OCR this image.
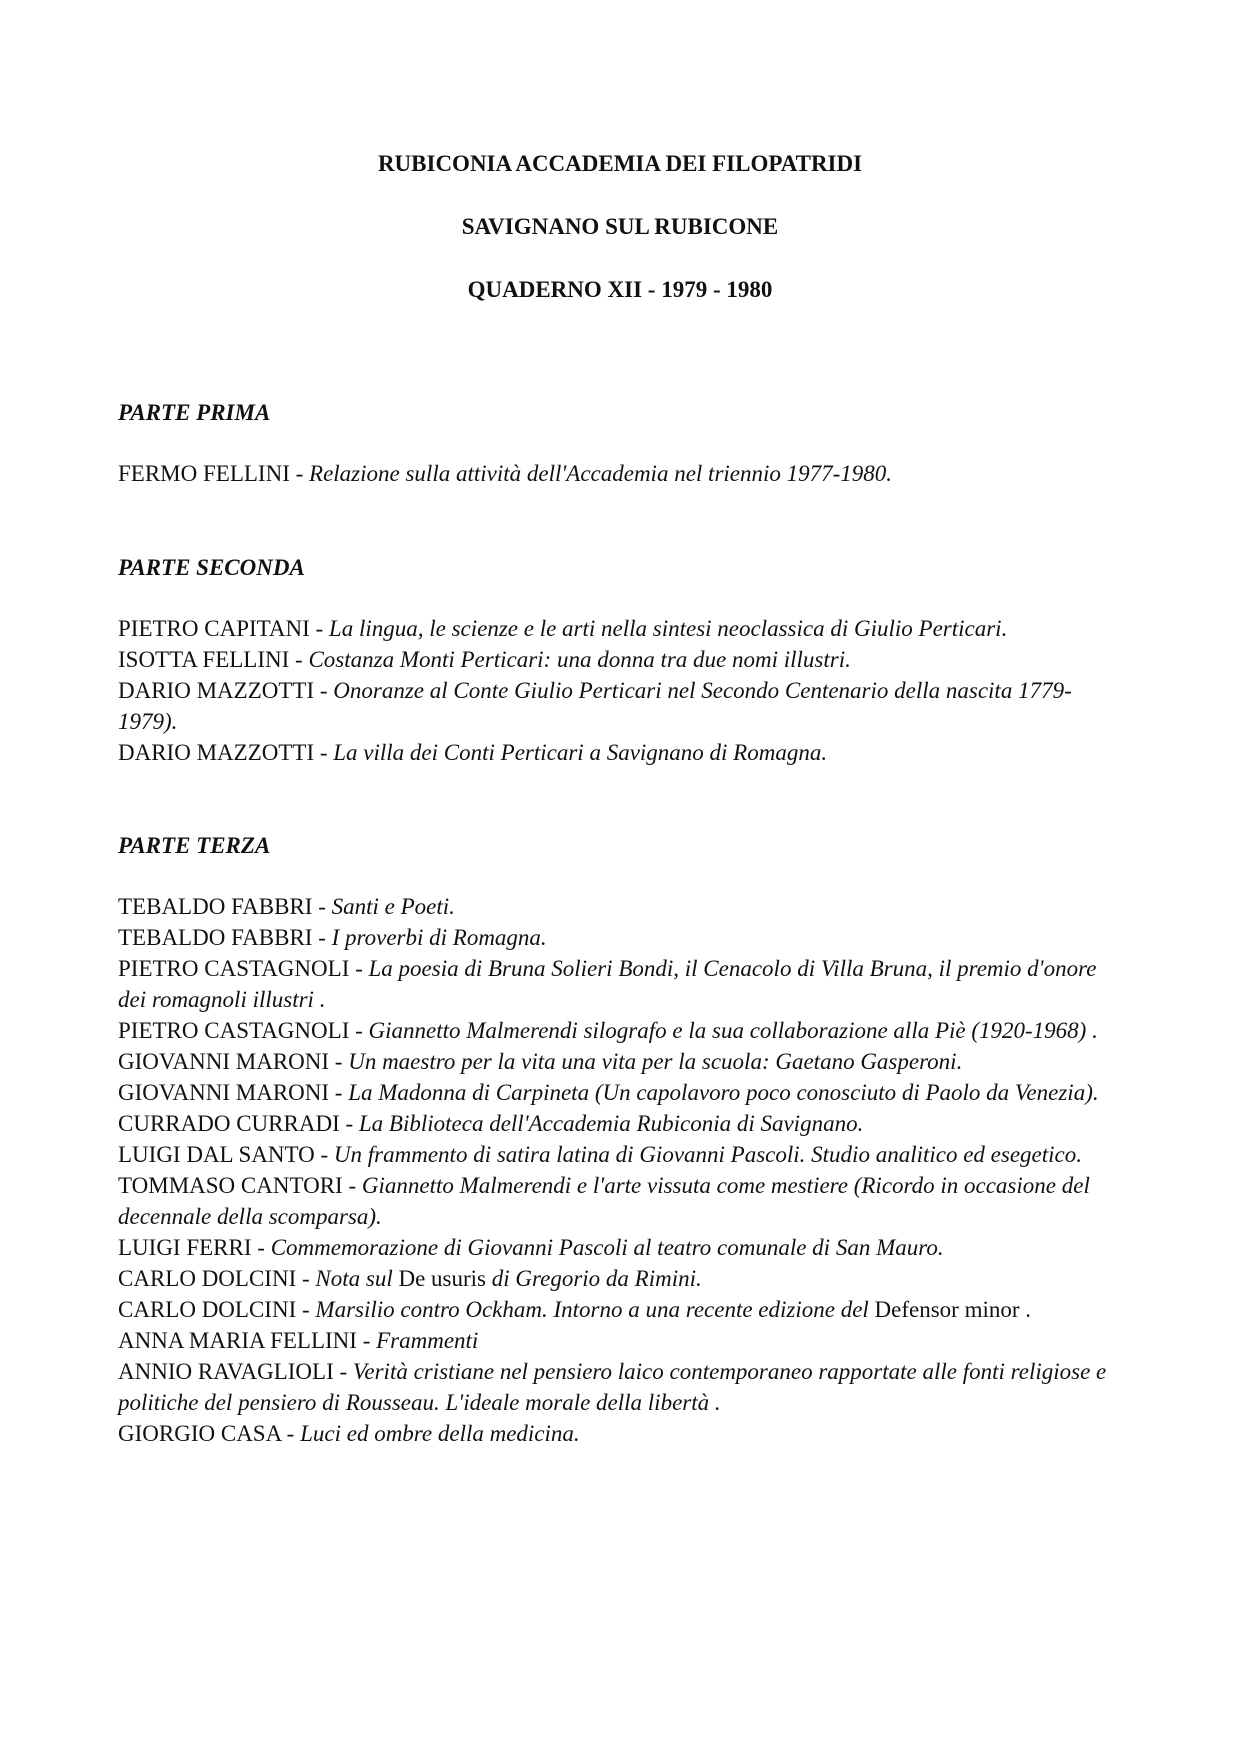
RUBICONIA ACCADEMIA DEI FILOPATRIDI
SAVIGNANO SUL RUBICONE
QUADERNO XII - 1979 - 1980

PARTE PRIMA

FERMO FELLINI - Relazione sulla attività dell'Accademia nel triennio 1977-1980.

PARTE SECONDA

PIETRO CAPITANI - La lingua, le scienze e le arti nella sintesi neoclassica di Giulio Perticari.

ISOTTA FELLINI - Costanza Monti Perticari: una donna tra due nomi illustri.

DARIO MAZZOTTI - Onoranze al Conte Giulio Perticari nel Secondo Centenario della nascita 1779-1979).

DARIO MAZZOTTI - La villa dei Conti Perticari a Savignano di Romagna.

PARTE TERZA

TEBALDO FABBRI - Santi e Poeti.

TEBALDO FABBRI - I proverbi di Romagna.

PIETRO CASTAGNOLI - La poesia di Bruna Solieri Bondi, il Cenacolo di Villa Bruna, il premio d'onore dei romagnoli illustri .

PIETRO CASTAGNOLI - Giannetto Malmerendi silografo e la sua collaborazione alla Piè (1920-1968) .

GIOVANNI MARONI - Un maestro per la vita una vita per la scuola: Gaetano Gasperoni.

GIOVANNI MARONI - La Madonna di Carpineta (Un capolavoro poco conosciuto di Paolo da Venezia).

CURRADO CURRADI - La Biblioteca dell'Accademia Rubiconia di Savignano.

LUIGI DAL SANTO - Un frammento di satira latina di Giovanni Pascoli. Studio analitico ed esegetico.

TOMMASO CANTORI - Giannetto Malmerendi e l'arte vissuta come mestiere (Ricordo in occasione del decennale della scomparsa).

LUIGI FERRI - Commemorazione di Giovanni Pascoli al teatro comunale di San Mauro.

CARLO DOLCINI - Nota sul De usuris di Gregorio da Rimini.

CARLO DOLCINI - Marsilio contro Ockham. Intorno a una recente edizione del Defensor minor .

ANNA MARIA FELLINI - Frammenti

ANNIO RAVAGLIOLI - Verità cristiane nel pensiero laico contemporaneo rapportate alle fonti religiose e politiche del pensiero di Rousseau. L'ideale morale della libertà .

GIORGIO CASA - Luci ed ombre della medicina.
